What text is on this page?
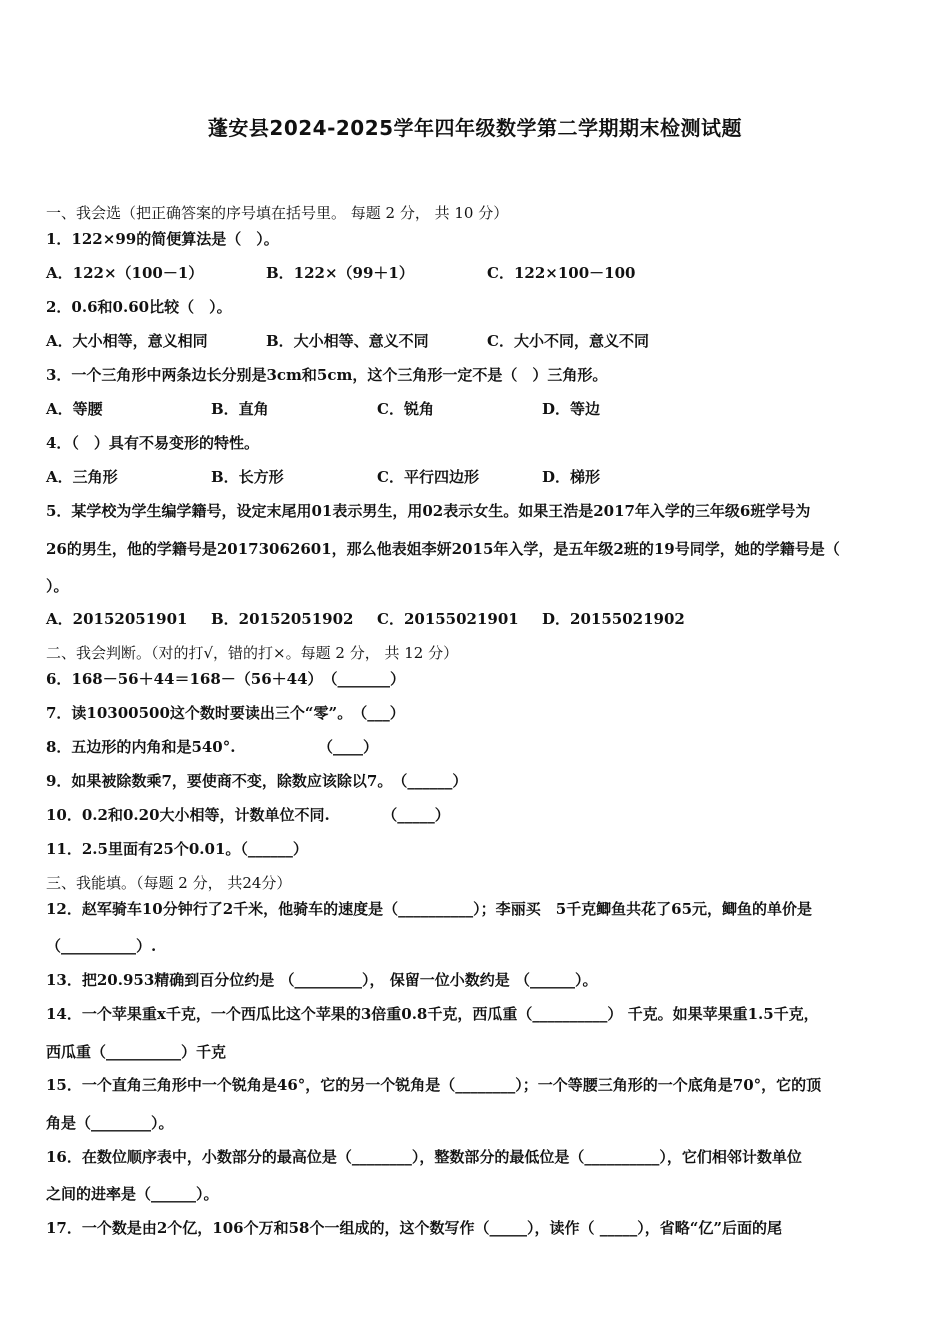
蓬安县2024-2025学年四年级数学第二学期期末检测试题
一、我会选（把正确答案的序号填在括号里。 每题 2 分， 共 10 分）
1．122×99的简便算法是（　）。
A．122×（100－1）	B．122×（99＋1）	C．122×100－100
2．0.6和0.60比较（　）。
A．大小相等，意义相同	B．大小相等、意义不同	C．大小不同，意义不同
3．一个三角形中两条边长分别是3cm和5cm，这个三角形一定不是（　）三角形。
A．等腰	B．直角	C．锐角	D．等边
4．（　）具有不易变形的特性。
A．三角形	B．长方形	C．平行四边形	D．梯形
5．某学校为学生编学籍号，设定末尾用01表示男生，用02表示女生。如果王浩是2017年入学的三年级6班学号为
26的男生，他的学籍号是20173062601，那么他表姐李妍2015年入学，是五年级2班的19号同学，她的学籍号是（
）。
A．20152051901 B．20152051902 C．20155021901 D．20155021902
二、我会判断。（对的打√，错的打×。每题 2 分， 共 12 分）
6．168－56＋44＝168－（56＋44）　（_______）
7．读10300500这个数时要读出三个“零”。　（___）
8．五边形的内角和是540°.　　　　　　（____）
9．如果被除数乘7，要使商不变，除数应该除以7。　（______）
10．0.2和0.20大小相等，计数单位不同.　　　　（_____）
11．2.5里面有25个0.01。（______）
三、我能填。（每题 2 分， 共24分）
12．赵军骑车10分钟行了2千米，他骑车的速度是（__________）；李丽买　5千克鲫鱼共花了65元，鲫鱼的单价是
（__________）.
13．把20.953精确到百分位约是 （_________）， 保留一位小数约是 （______）。
14．一个苹果重x千克，一个西瓜比这个苹果的3倍重0.8千克，西瓜重（__________） 千克。如果苹果重1.5千克，
西瓜重（__________）千克
15．一个直角三角形中一个锐角是46°，它的另一个锐角是（________）；一个等腰三角形的一个底角是70°，它的顶
角是（________）。
16．在数位顺序表中，小数部分的最高位是（________），整数部分的最低位是（__________），它们相邻计数单位
之间的进率是（______）。
17．一个数是由2个亿，106个万和58个一组成的，这个数写作（_____），读作（ _____），省略“亿”后面的尾
